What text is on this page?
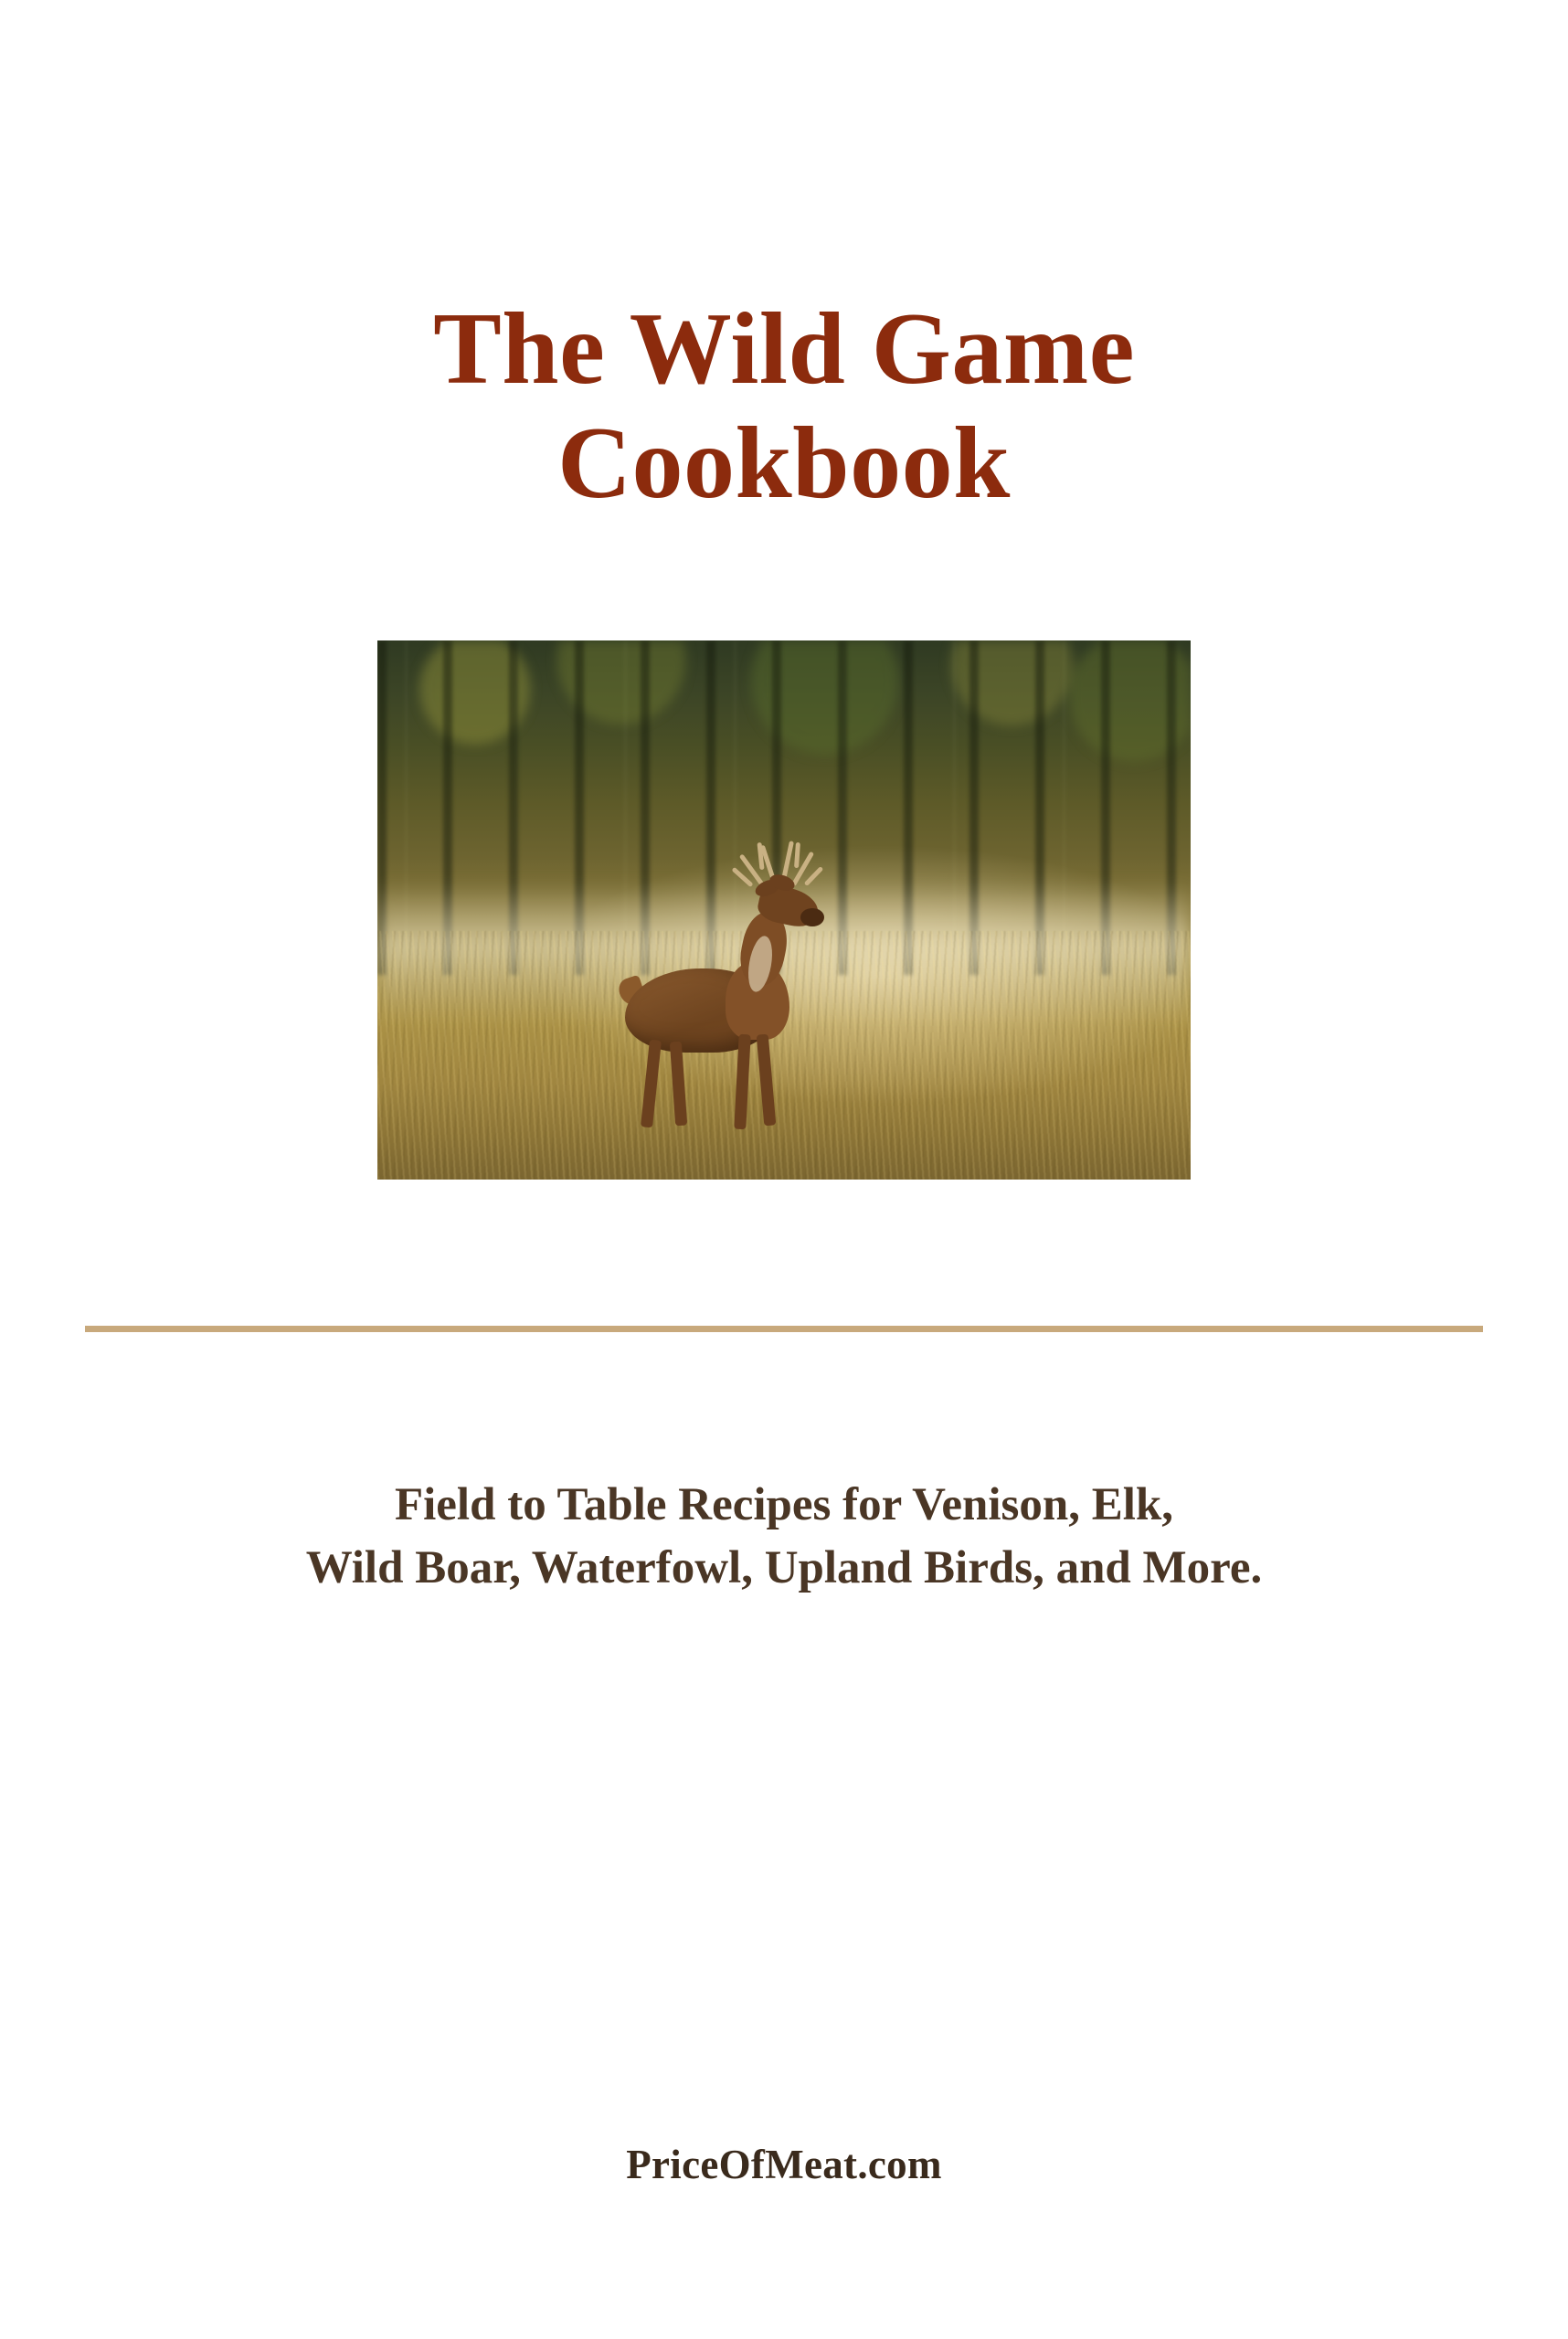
The Wild Game
Cookbook
Field to Table Recipes for Venison, Elk,
Wild Boar, Waterfowl, Upland Birds, and More.
PriceOfMeat.com
